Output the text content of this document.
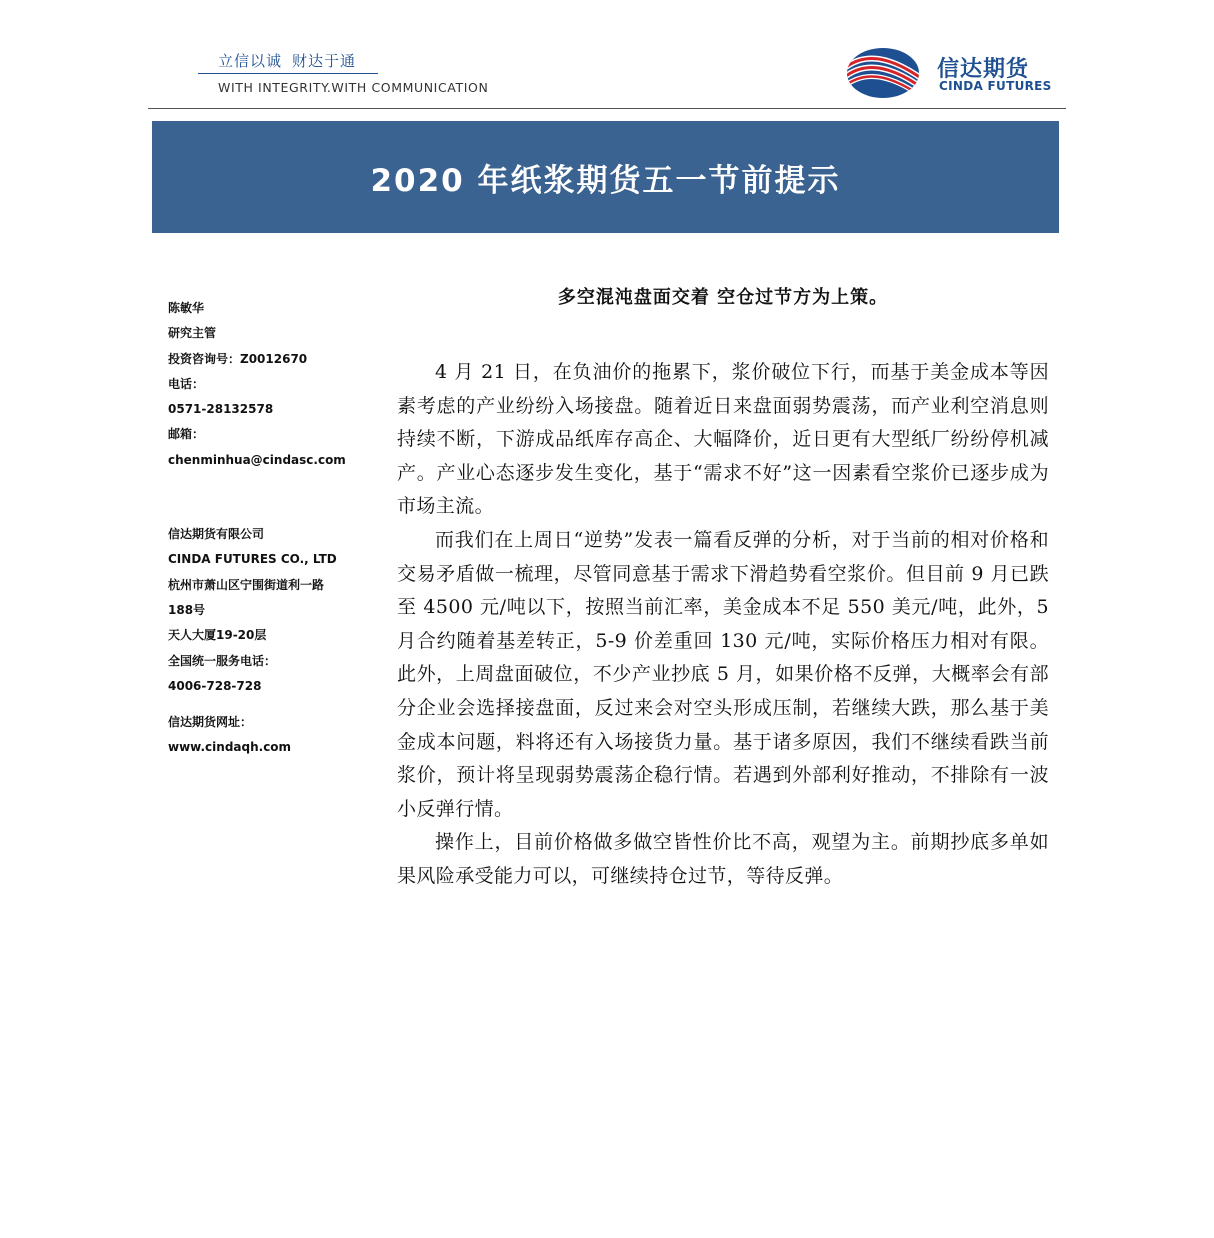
立信以诚 财达于通
WITH INTEGRITY.WITH COMMUNICATION
信达期货
CINDA FUTURES
2020 年纸浆期货五一节前提示
陈敏华
研究主管
投资咨询号：Z0012670
电话：
0571-28132578
邮箱：
chenminhua@cindasc.com
信达期货有限公司
CINDA FUTURES CO., LTD
杭州市萧山区宁围街道利一路
188号
天人大厦19-20层
全国统一服务电话：
4006-728-728
信达期货网址：
www.cindaqh.com
多空混沌盘面交着 空仓过节方为上策。

4 月 21 日，在负油价的拖累下，浆价破位下行，而基于美金成本等因素考虑的产业纷纷入场接盘。随着近日来盘面弱势震荡，而产业利空消息则持续不断，下游成品纸库存高企、大幅降价，近日更有大型纸厂纷纷停机减产。产业心态逐步发生变化，基于“需求不好”这一因素看空浆价已逐步成为市场主流。

而我们在上周日“逆势”发表一篇看反弹的分析，对于当前的相对价格和交易矛盾做一梳理，尽管同意基于需求下滑趋势看空浆价。但目前 9 月已跌至 4500 元/吨以下，按照当前汇率，美金成本不足 550 美元/吨，此外，5 月合约随着基差转正，5-9 价差重回 130 元/吨，实际价格压力相对有限。此外，上周盘面破位，不少产业抄底 5 月，如果价格不反弹，大概率会有部分企业会选择接盘面，反过来会对空头形成压制，若继续大跌，那么基于美金成本问题，料将还有入场接货力量。基于诸多原因，我们不继续看跌当前浆价，预计将呈现弱势震荡企稳行情。若遇到外部利好推动，不排除有一波小反弹行情。

操作上，目前价格做多做空皆性价比不高，观望为主。前期抄底多单如果风险承受能力可以，可继续持仓过节，等待反弹。
